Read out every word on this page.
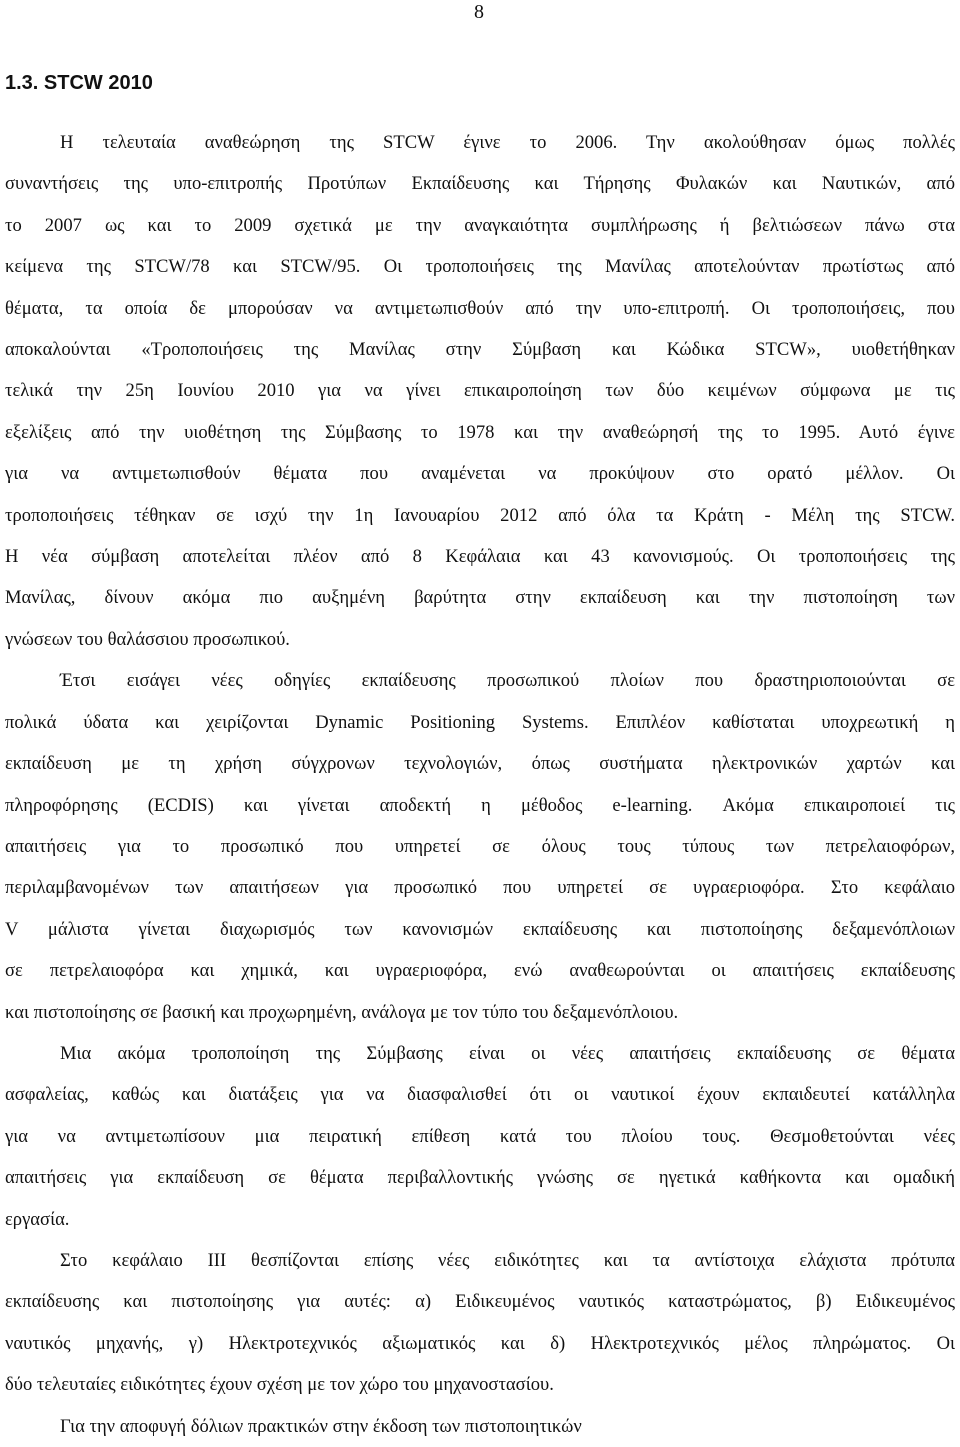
8
1.3. STCW 2010

Η τελευταία αναθεώρηση της STCW έγινε το 2006. Την ακολούθησαν όμως πολλές
συναντήσεις της υπο-επιτροπής Προτύπων Εκπαίδευσης και Τήρησης Φυλακών και Ναυτικών, από
το 2007 ως και το 2009 σχετικά με την αναγκαιότητα συμπλήρωσης ή βελτιώσεων πάνω στα
κείμενα της STCW/78 και STCW/95. Οι τροποποιήσεις της Μανίλας αποτελούνταν πρωτίστως από
θέματα, τα οποία δε μπορούσαν να αντιμετωπισθούν από την υπο-επιτροπή. Οι τροποποιήσεις, που
αποκαλούνται «Τροποποιήσεις της Μανίλας στην Σύμβαση και Κώδικα STCW», υιοθετήθηκαν
τελικά την 25η Ιουνίου 2010 για να γίνει επικαιροποίηση των δύο κειμένων σύμφωνα με τις
εξελίξεις από την υιοθέτηση της Σύμβασης το 1978 και την αναθεώρησή της το 1995. Αυτό έγινε
για να αντιμετωπισθούν θέματα που αναμένεται να προκύψουν στο ορατό μέλλον. Οι
τροποποιήσεις τέθηκαν σε ισχύ την 1η Ιανουαρίου 2012 από όλα τα Κράτη - Μέλη της STCW.
Η νέα σύμβαση αποτελείται πλέον από 8 Κεφάλαια και 43 κανονισμούς. Οι τροποποιήσεις της
Μανίλας, δίνουν ακόμα πιο αυξημένη βαρύτητα στην εκπαίδευση και την πιστοποίηση των
γνώσεων του θαλάσσιου προσωπικού.

Έτσι εισάγει νέες οδηγίες εκπαίδευσης προσωπικού πλοίων που δραστηριοποιούνται σε
πολικά ύδατα και χειρίζονται Dynamic Positioning Systems. Επιπλέον καθίσταται υποχρεωτική η
εκπαίδευση με τη χρήση σύγχρονων τεχνολογιών, όπως συστήματα ηλεκτρονικών χαρτών και
πληροφόρησης (ECDIS) και γίνεται αποδεκτή η μέθοδος e-learning. Ακόμα επικαιροποιεί τις
απαιτήσεις για το προσωπικό που υπηρετεί σε όλους τους τύπους των πετρελαιοφόρων,
περιλαμβανομένων των απαιτήσεων για προσωπικό που υπηρετεί σε υγραεριοφόρα. Στο κεφάλαιο
V μάλιστα γίνεται διαχωρισμός των κανονισμών εκπαίδευσης και πιστοποίησης δεξαμενόπλοιων
σε πετρελαιοφόρα και χημικά, και υγραεριοφόρα, ενώ αναθεωρούνται οι απαιτήσεις εκπαίδευσης
και πιστοποίησης σε βασική και προχωρημένη, ανάλογα με τον τύπο του δεξαμενόπλοιου.

Μια ακόμα τροποποίηση της Σύμβασης είναι οι νέες απαιτήσεις εκπαίδευσης σε θέματα
ασφαλείας, καθώς και διατάξεις για να διασφαλισθεί ότι οι ναυτικοί έχουν εκπαιδευτεί κατάλληλα
για να αντιμετωπίσουν μια πειρατική επίθεση κατά του πλοίου τους. Θεσμοθετούνται νέες
απαιτήσεις για εκπαίδευση σε θέματα περιβαλλοντικής γνώσης σε ηγετικά καθήκοντα και ομαδική
εργασία.

Στο κεφάλαιο ΙΙΙ θεσπίζονται επίσης νέες ειδικότητες και τα αντίστοιχα ελάχιστα πρότυπα
εκπαίδευσης και πιστοποίησης για αυτές: α) Ειδικευμένος ναυτικός καταστρώματος, β) Ειδικευμένος
ναυτικός μηχανής, γ) Ηλεκτροτεχνικός αξιωματικός και δ) Ηλεκτροτεχνικός μέλος πληρώματος. Οι
δύο τελευταίες ειδικότητες έχουν σχέση με τον χώρο του μηχανοστασίου.

Για την αποφυγή δόλιων πρακτικών στην έκδοση των πιστοποιητικών
